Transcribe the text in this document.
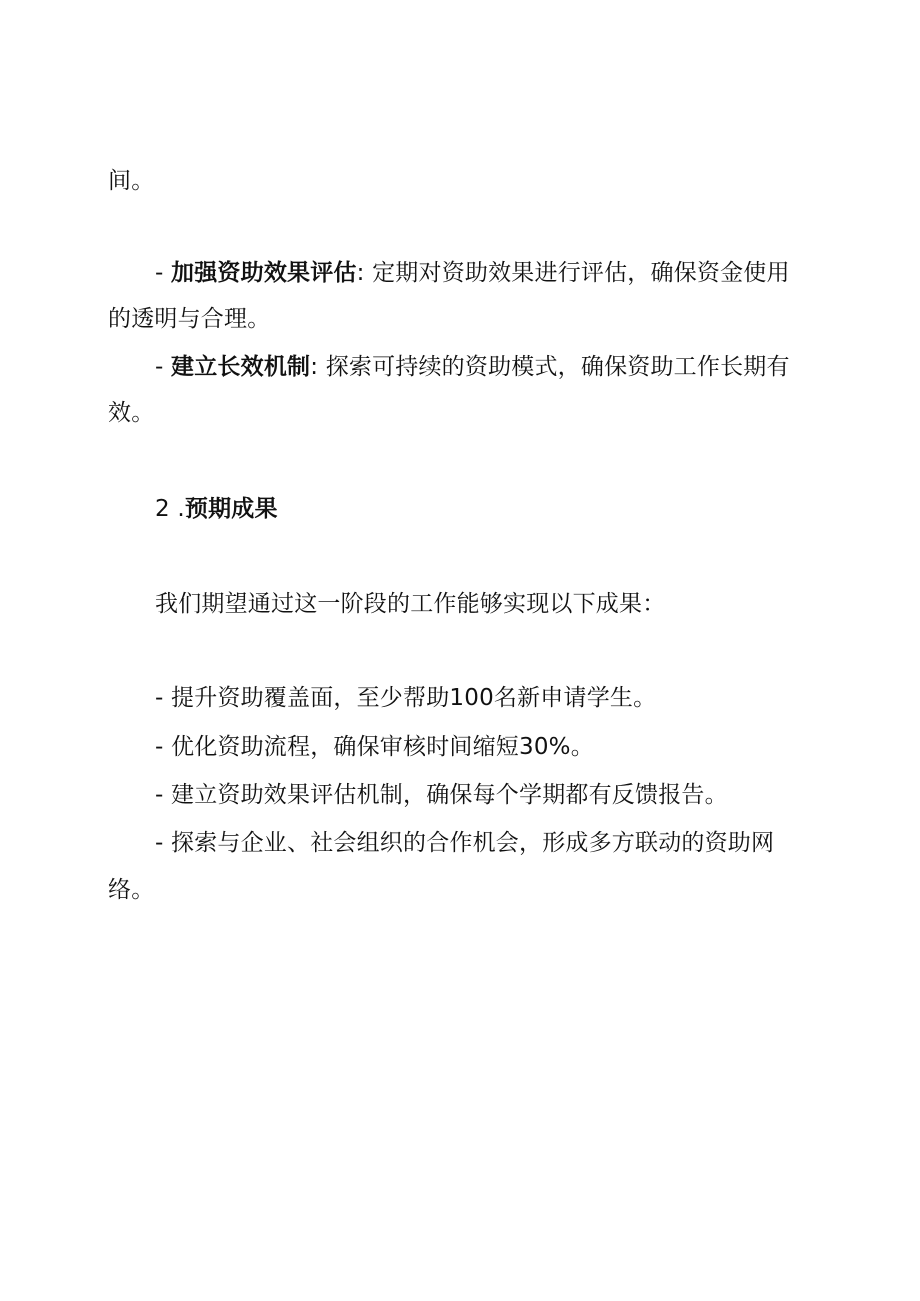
间。
- 加强资助效果评估: 定期对资助效果进行评估，确保资金使用
的透明与合理。
- 建立长效机制: 探索可持续的资助模式，确保资助工作长期有
效。
2 .预期成果
我们期望通过这一阶段的工作能够实现以下成果：
- 提升资助覆盖面，至少帮助100名新申请学生。
- 优化资助流程，确保审核时间缩短30%。
- 建立资助效果评估机制，确保每个学期都有反馈报告。
- 探索与企业、社会组织的合作机会，形成多方联动的资助网
络。
